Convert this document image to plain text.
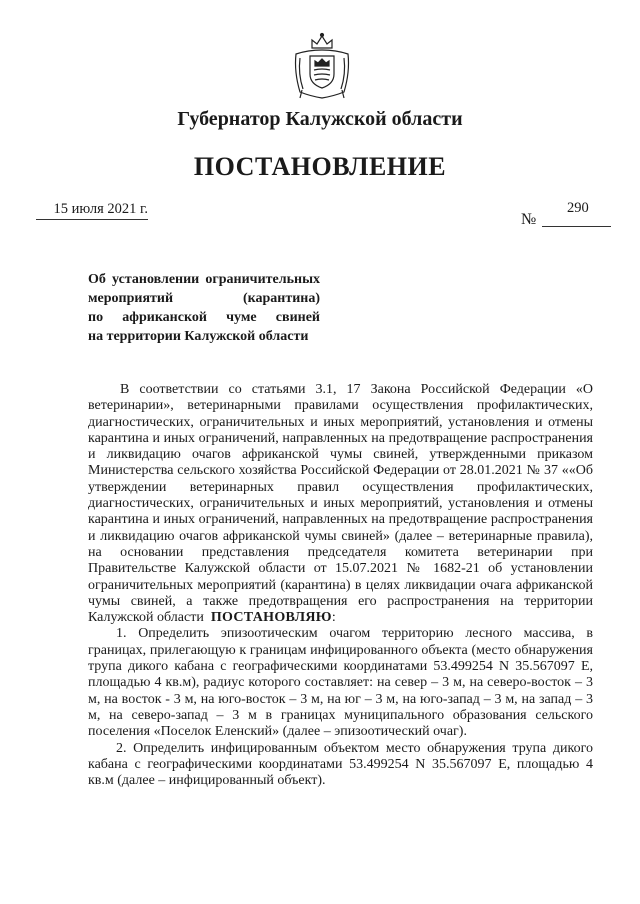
Губернатор Калужской области
ПОСТАНОВЛЕНИЕ
15 июля 2021 г.
№
290
Об установлении ограничительных
мероприятий (карантина)
по африканской чуме свиней
на территории Калужской области

В соответствии со статьями 3.1, 17 Закона Российской Федерации «О ветеринарии», ветеринарными правилами осуществления профилактических, диагностических, ограничительных и иных мероприятий, установления и отмены карантина и иных ограничений, направленных на предотвращение распространения и ликвидацию очагов африканской чумы свиней, утвержденными приказом Министерства сельского хозяйства Российской Федерации от 28.01.2021 № 37 ««Об утверждении ветеринарных правил осуществления профилактических, диагностических, ограничительных и иных мероприятий, установления и отмены карантина и иных ограничений, направленных на предотвращение распространения и ликвидацию очагов африканской чумы свиней» (далее – ветеринарные правила), на основании представления председателя комитета ветеринарии при Правительстве Калужской области от 15.07.2021 № 1682-21 об установлении ограничительных мероприятий (карантина) в целях ликвидации очага африканской чумы свиней, а также предотвращения его распространения на территории Калужской области ПОСТАНОВЛЯЮ:

1. Определить эпизоотическим очагом территорию лесного массива, в границах, прилегающую к границам инфицированного объекта (место обнаружения трупа дикого кабана с географическими координатами 53.499254 N 35.567097 E, площадью 4 кв.м), радиус которого составляет: на север – 3 м, на северо-восток – 3 м, на восток - 3 м, на юго-восток – 3 м, на юг – 3 м, на юго-запад – 3 м, на запад – 3 м, на северо-запад – 3 м в границах муниципального образования сельского поселения «Поселок Еленский» (далее – эпизоотический очаг).

2. Определить инфицированным объектом место обнаружения трупа дикого кабана с географическими координатами 53.499254 N 35.567097 E, площадью 4 кв.м (далее – инфицированный объект).
